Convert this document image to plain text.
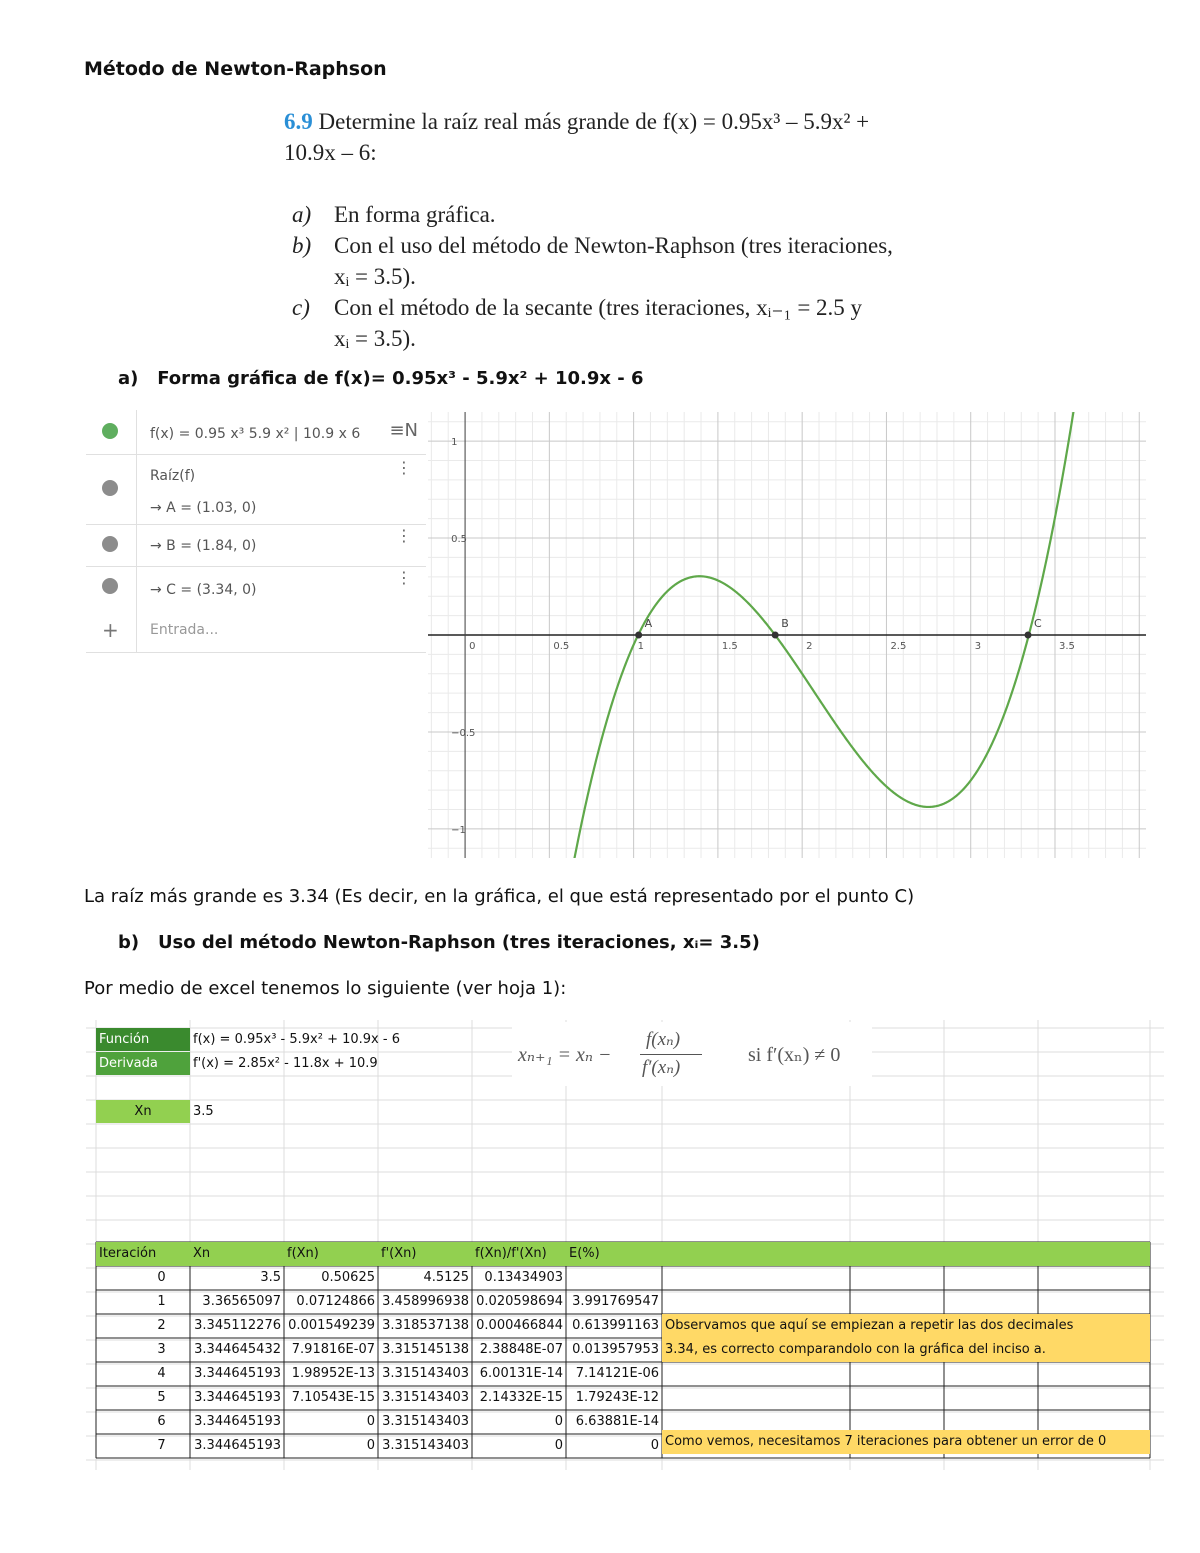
Método de Newton-Raphson
6.9 Determine la raíz real más grande de f(x) = 0.95x³ – 5.9x² +
10.9x – 6:
a) En forma gráfica.
b) Con el uso del método de Newton-Raphson (tres iteraciones,
xᵢ = 3.5).
c) Con el método de la secante (tres iteraciones, xᵢ₋₁ = 2.5 y
xᵢ = 3.5).
a) Forma gráfica de f(x)= 0.95x³ - 5.9x² + 10.9x - 6
f(x) = 0.95 x³ 5.9 x² | 10.9 x 6 ≡N
Raíz(f)
→ A = (1.03, 0)
⋮
→ B = (1.84, 0)
⋮
→ C = (3.34, 0)
⋮
+ Entrada...
0	0.5	1	1.5	2	2.5	3	3.5
1
0.5
−0.5
−1
A	B	C
La raíz más grande es 3.34 (Es decir, en la gráfica, el que está representado por el punto C)
b) Uso del método Newton-Raphson (tres iteraciones, xᵢ= 3.5)
Por medio de excel tenemos lo siguiente (ver hoja 1):
Función	f(x) = 0.95x³ - 5.9x² + 10.9x - 6
Derivada	f'(x) = 2.85x² - 11.8x + 10.9
Xn	3.5
xₙ₊₁ = xₙ −
f(xₙ)
f′(xₙ)
si f′(xₙ) ≠ 0
Observamos que aquí se empiezan a repetir las dos decimales
3.34, es correcto comparandolo con la gráfica del inciso a.
Como vemos, necesitamos 7 iteraciones para obtener un error de 0
Iteración	Xn	f(Xn)	f'(Xn)	f(Xn)/f'(Xn)	E(%)
0	3.5	0.50625	4.5125	0.13434903
1	3.36565097	0.07124866 3.458996938 0.020598694 3.991769547
2	3.345112276 0.001549239 3.318537138 0.000466844 0.613991163
3	3.344645432 7.91816E-07 3.315145138 2.38848E-07 0.013957953
4	3.344645193 1.98952E-13 3.315143403 6.00131E-14 7.14121E-06
5	3.344645193 7.10543E-15 3.315143403 2.14332E-15 1.79243E-12
6	3.344645193	0 3.315143403	0 6.63881E-14
7	3.344645193	0 3.315143403	0	0
